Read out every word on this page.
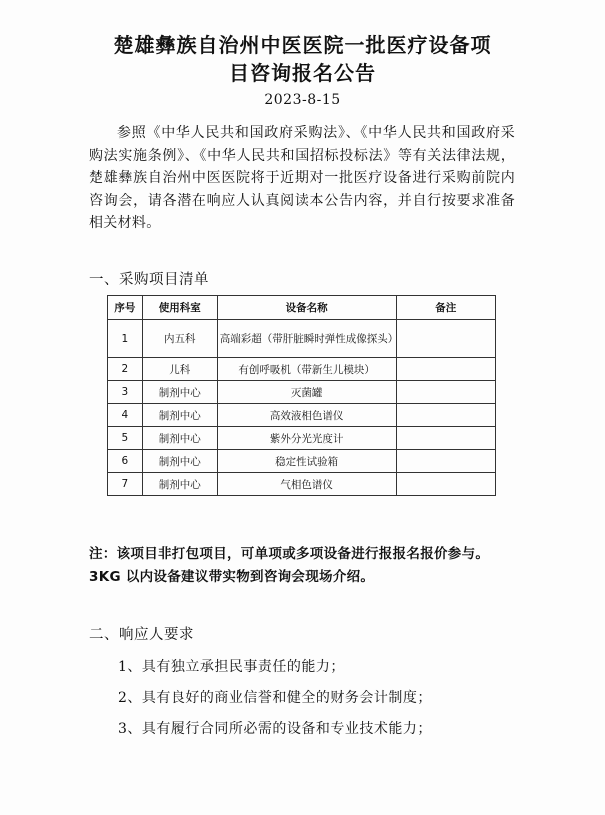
楚雄彝族自治州中医医院一批医疗设备项
目咨询报名公告
2023-8-15

参照《中华人民共和国政府采购法》、《中华人民共和国政府采购法实施条例》、《中华人民共和国招标投标法》等有关法律法规，楚雄彝族自治州中医医院将于近期对一批医疗设备进行采购前院内咨询会，请各潜在响应人认真阅读本公告内容，并自行按要求准备相关材料。

一、采购项目清单
序号	使用科室	设备名称	备注
1	内五科	高端彩超（带肝脏瞬时弹性成像探头）	
2	儿科	有创呼吸机（带新生儿模块）	
3	制剂中心	灭菌罐	
4	制剂中心	高效液相色谱仪	
5	制剂中心	紫外分光光度计	
6	制剂中心	稳定性试验箱	
7	制剂中心	气相色谱仪	
注：该项目非打包项目，可单项或多项设备进行报报名报价参与。3KG 以内设备建议带实物到咨询会现场介绍。
二、响应人要求
1、具有独立承担民事责任的能力；
2、具有良好的商业信誉和健全的财务会计制度；
3、具有履行合同所必需的设备和专业技术能力；
